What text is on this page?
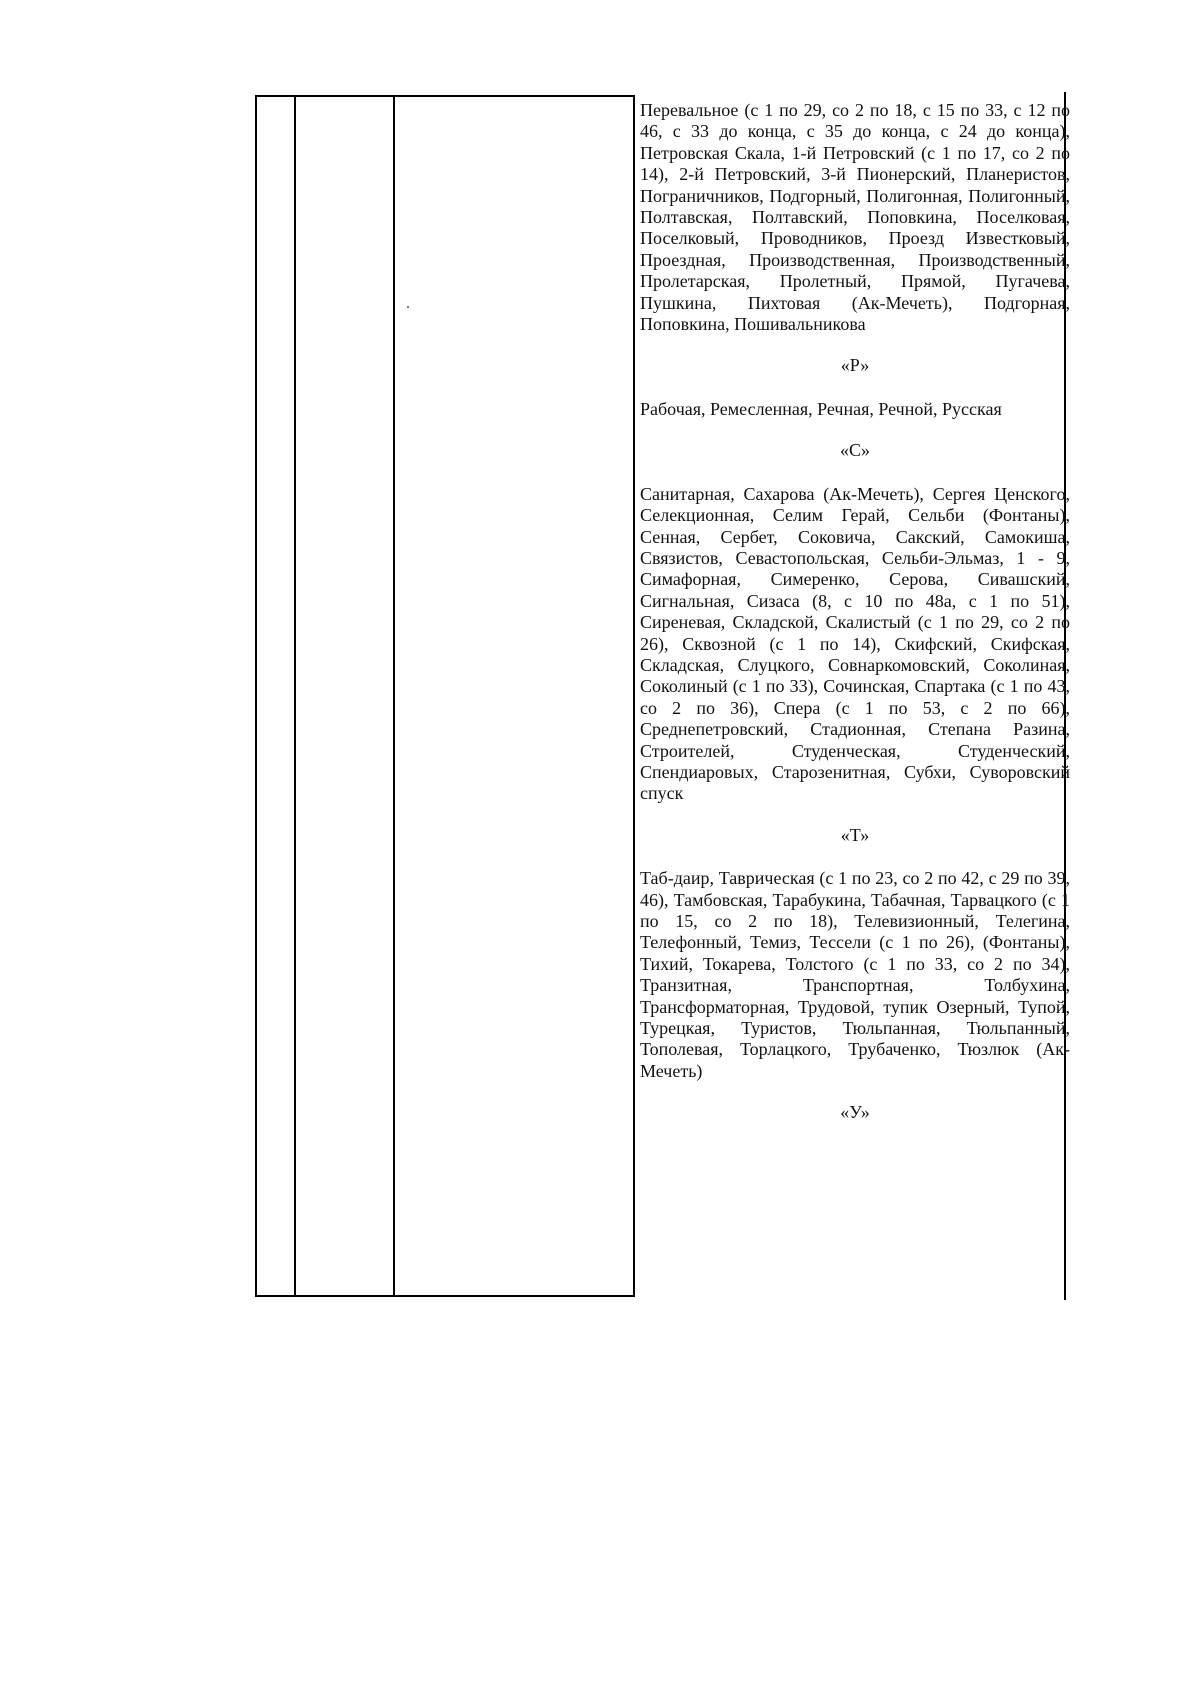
Перевальное (с 1 по 29, со 2 по 18, с 15 по 33, с 12 по 46, с 33 до конца, с 35 до конца, с 24 до конца), Петровская Скала, 1-й Петровский (с 1 по 17, со 2 по 14), 2-й Петровский, 3-й Пионерский, Планеристов, Пограничников, Подгорный, Полигонная, Полигонный, Полтавская, Полтавский, Поповкина, Поселковая, Поселковый, Проводников, Проезд Известковый, Проездная, Производственная, Производственный, Пролетарская, Пролетный, Прямой, Пугачева, Пушкина, Пихтовая (Ак-Мечеть), Подгорная, Поповкина, Пошивальникова

«Р»

Рабочая, Ремесленная, Речная, Речной, Русская

«С»

Санитарная, Сахарова (Ак-Мечеть), Сергея Ценского, Селекционная, Селим Герай, Сельби (Фонтаны), Сенная, Сербет, Соковича, Сакский, Самокиша, Связистов, Севастопольская, Сельби-Эльмаз, 1 - 9, Симафорная, Симеренко, Серова, Сивашский, Сигнальная, Сизаса (8, с 10 по 48а, с 1 по 51), Сиреневая, Складской, Скалистый (с 1 по 29, со 2 по 26), Сквозной (с 1 по 14), Скифский, Скифская, Складская, Слуцкого, Совнаркомовский, Соколиная, Соколиный (с 1 по 33), Сочинская, Спартака (с 1 по 43, со 2 по 36), Спера (с 1 по 53, с 2 по 66), Среднепетровский, Стадионная, Степана Разина, Строителей, Студенческая, Студенческий, Спендиаровых, Старозенитная, Субхи, Суворовский спуск

«Т»

Таб-даир, Таврическая (с 1 по 23, со 2 по 42, с 29 по 39, 46), Тамбовская, Тарабукина, Табачная, Тарвацкого (с 1 по 15, со 2 по 18), Телевизионный, Телегина, Телефонный, Темиз, Тессели (с 1 по 26), (Фонтаны), Тихий, Токарева, Толстого (с 1 по 33, со 2 по 34), Транзитная, Транспортная, Толбухина, Трансформаторная, Трудовой, тупик Озерный, Тупой, Турецкая, Туристов, Тюльпанная, Тюльпанный, Тополевая, Торлацкого, Трубаченко, Тюзлюк (Ак-Мечеть)

«У»
